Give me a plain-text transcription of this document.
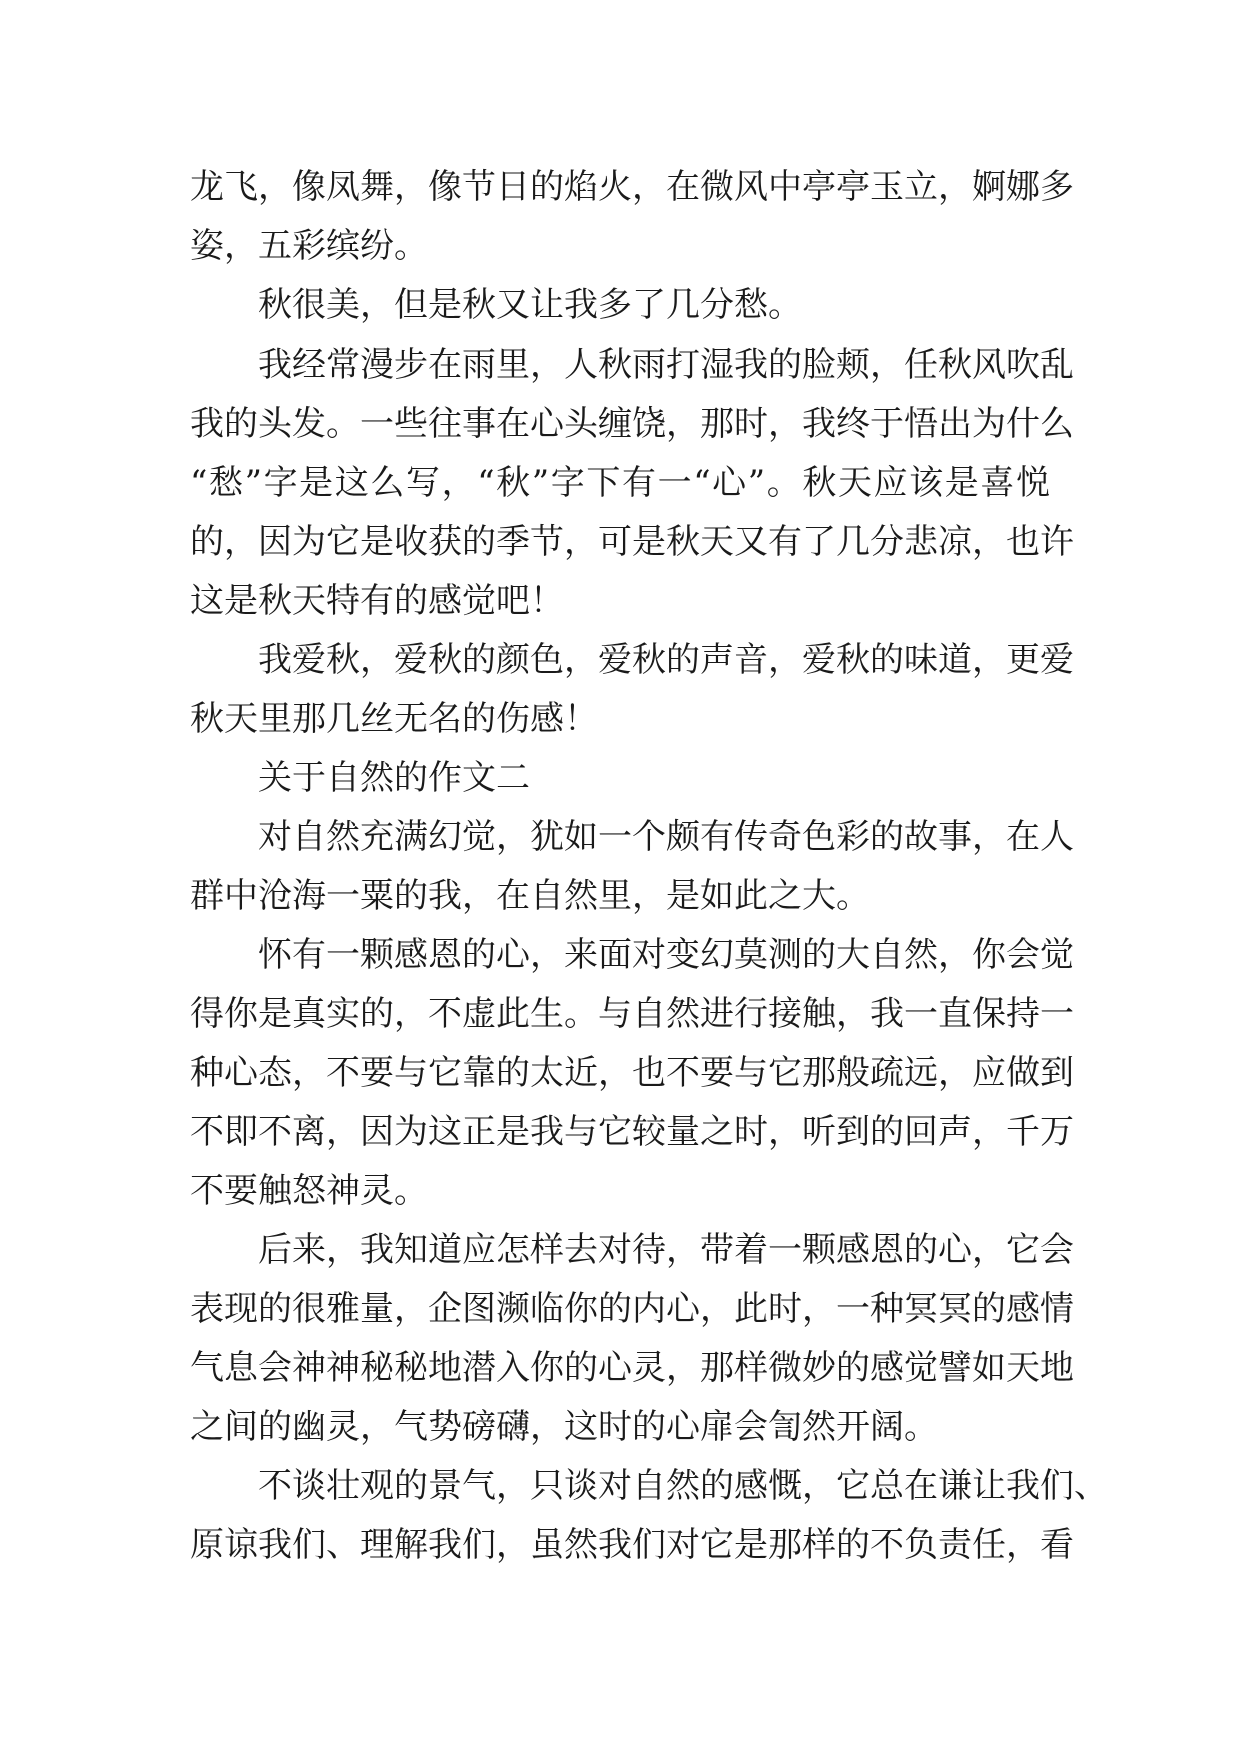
龙飞，像凤舞，像节日的焰火，在微风中亭亭玉立，婀娜多
姿，五彩缤纷。
秋很美，但是秋又让我多了几分愁。
我经常漫步在雨里，人秋雨打湿我的脸颊，任秋风吹乱
我的头发。一些往事在心头缠饶，那时，我终于悟出为什么
“愁”字是这么写，“秋”字下有一“心”。秋天应该是喜悦
的，因为它是收获的季节，可是秋天又有了几分悲凉，也许
这是秋天特有的感觉吧！
我爱秋，爱秋的颜色，爱秋的声音，爱秋的味道，更爱
秋天里那几丝无名的伤感！
关于自然的作文二
对自然充满幻觉，犹如一个颇有传奇色彩的故事，在人
群中沧海一粟的我，在自然里，是如此之大。
怀有一颗感恩的心，来面对变幻莫测的大自然，你会觉
得你是真实的，不虚此生。与自然进行接触，我一直保持一
种心态，不要与它靠的太近，也不要与它那般疏远，应做到
不即不离，因为这正是我与它较量之时，听到的回声，千万
不要触怒神灵。
后来，我知道应怎样去对待，带着一颗感恩的心，它会
表现的很雅量，企图濒临你的内心，此时，一种冥冥的感情
气息会神神秘秘地潜入你的心灵，那样微妙的感觉譬如天地
之间的幽灵，气势磅礴，这时的心扉会訇然开阔。
不谈壮观的景气，只谈对自然的感慨，它总在谦让我们、
原谅我们、理解我们，虽然我们对它是那样的不负责任，看
